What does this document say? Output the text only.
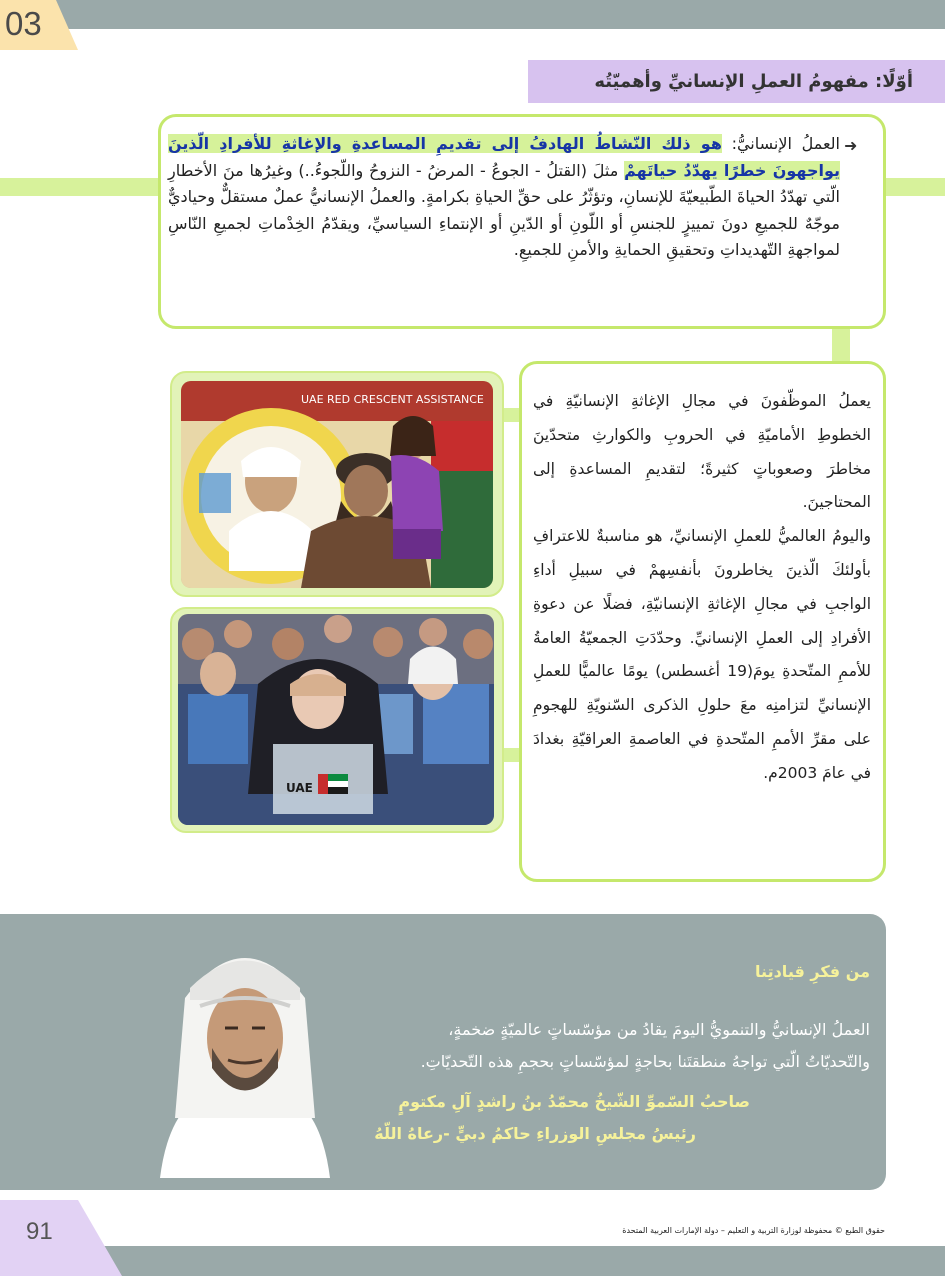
03
أوّلًا: مفهومُ العملِ الإنسانيِّ وأهميّتُه
➜
العملُ الإنسانيُّ: هو ذلك النّشاطُ الهادفُ إلى تقديمِ المساعدةِ والإغاثةِ للأفرادِ الّذينَ يواجهونَ خطرًا يهدّدُ حياتَهمْ مثلَ (القتلُ - الجوعُ - المرضُ - النزوحُ واللّجوءُ..) وغيرُها منَ الأخطارِ الّتي تهدّدُ الحياةَ الطّبيعيّةَ للإنسانِ، وتؤثّرُ على حقِّ الحياةِ بكرامةٍ. والعملُ الإنسانيُّ عملٌ مستقلٌّ وحياديٌّ موجّهٌ للجميعِ دونَ تمييزٍ للجنسِ أو اللّونِ أو الدّينِ أو الإنتماءِ السياسيِّ، ويقدّمُ الخِدْماتِ لجميعِ النّاسِ لمواجهةِ التّهديداتِ وتحقيقِ الحمايةِ والأمنِ للجميعِ.

يعملُ الموظّفونَ في مجالِ الإغاثةِ الإنسانيّةِ في الخطوطِ الأماميّةِ في الحروبِ والكوارثِ متحدّينَ مخاطرَ وصعوباتٍ كثيرةً؛ لتقديمِ المساعدةِ إلى المحتاجينَ.

واليومُ العالميُّ للعملِ الإنسانيِّ، هو مناسبةٌ للاعترافِ بأولئكَ الّذينَ يخاطرونَ بأنفسِهمْ في سبيلِ أداءِ الواجبِ في مجالِ الإغاثةِ الإنسانيّةِ، فضلًا عن دعوةِ الأفرادِ إلى العملِ الإنسانيِّ. وحدّدَتِ الجمعيّةُ العامةُ للأممِ المتّحدةِ يومَ(19 أغسطس) يومًا عالميًّا للعملِ الإنسانيِّ لتزامنِه معَ حلولِ الذكرى السّنويّةِ للهجومِ على مقرِّ الأممِ المتّحدةِ في العاصمةِ العراقيّةِ بغدادَ في عامَ 2003م.

UAE RED CRESCENT ASSISTANCE
UAE
من فكرِ قيادتِنا
العملُ الإنسانيُّ والتنمويُّ اليومَ يقادُ من مؤسّساتٍ عالميّةٍ ضخمةٍ،
والتّحديّاتُ الّتي تواجهُ منطقتَنا بحاجةٍ لمؤسّساتٍ بحجمِ هذه التّحديّاتِ.
صاحبُ السّموِّ الشّيخُ محمّدُ بنُ راشدٍ آلِ مكتومٍ
رئيسُ مجلسِ الوزراءِ حاكمُ دبيٍّ -رعاهُ اللّهُ
91	حقوق الطبع © محفوظة لوزارة التربية و التعليم – دولة الإمارات العربية المتحدة
